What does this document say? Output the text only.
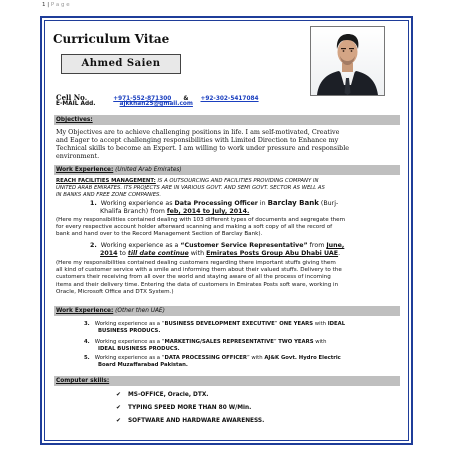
1 | P a g e
Curriculum Vitae
Ahmed Saien
Cell No.	+971-552-871300 & +92-302-5417084
E-MAIL Add.	ajkkhan25@gmail.com
Objectives:
My Objectives are to achieve challenging positions in life. I am self-motivated, Creative
and Eager to accept challenging responsibilities with Limited Direction to Enhance my
Technical skills to become an Expert. I am willing to work under pressure and responsible
environment.
Work Experience: (United Arab Emirates)
REACH FACILITIES MANAGEMENT: IS A OUTSOURCING AND FACILITIES PROVIDING COMPANY IN
UNITED ARAB EMIRATES. ITS PROJECTS ARE IN VARIOUS GOVT. AND SEMI GOVT. SECTOR AS WELL AS
IN BANKS AND FREE ZONE COMPANIES.
1. Working experience as Data Processing Officer in Barclay Bank (Burj-
Khalifa Branch) from feb, 2014 to July, 2014.
(Here my responsibilities contained dealing with 103 different types of documents and segregate them
for every respective account holder afterward scanning and making a soft copy of all the record of
bank and hand over to the Record Management Section of Barclay Bank).
2. Working experience as a “Customer Service Representative” from June,
2014 to till date continue with Emirates Posts Group Abu Dhabi UAE.
(Here my responsibilities contained dealing customers regarding there important stuffs giving them
all kind of customer service with a smile and informing them about their valued stuffs. Delivery to the
customers their receiving from all over the world and staying aware of all the process of incoming
items and their delivery time. Entering the data of customers in Emirates Posts soft ware, working in
Oracle, Microsoft Office and DTX System.)
Work Experience: (Other then UAE)
3. Working experience as a “BUSINESS DEVELOPMENT EXECUTIVE” ONE YEARS with IDEAL
BUSINESS PRODUCS.
4. Working experience as a “MARKETING/SALES REPRESENTATIVE” TWO YEARS with
IDEAL BUSINESS PRODUCS.
5. Working experience as a “DATA PROCESSING OFFICER” with AJ&K Govt. Hydro Electric
Board Muzaffarabad Pakistan.
Computer skills:
✔ MS-OFFICE, Oracle, DTX.
✔ TYPING SPEED MORE THAN 80 W/Min.
✔ SOFTWARE AND HARDWARE AWARENESS.
